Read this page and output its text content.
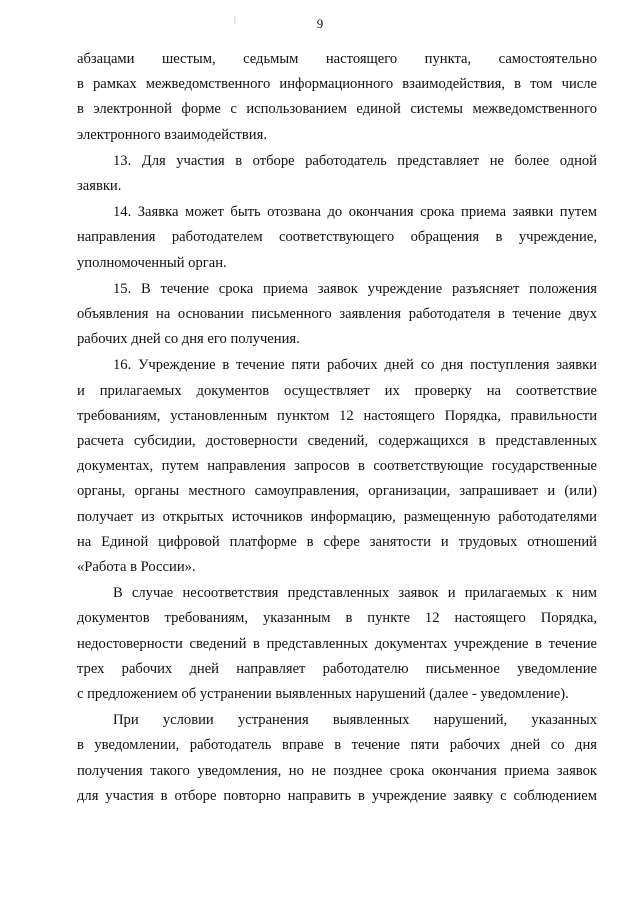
9
|

абзацами шестым, седьмым настоящего пункта, самостоятельно
в рамках межведомственного информационного взаимодействия, в том числе
в электронной форме с использованием единой системы межведомственного
электронного взаимодействия.

13. Для участия в отборе работодатель представляет не более одной
заявки.

14. Заявка может быть отозвана до окончания срока приема заявки путем
направления работодателем соответствующего обращения в учреждение,
уполномоченный орган.

15. В течение срока приема заявок учреждение разъясняет положения
объявления на основании письменного заявления работодателя в течение двух
рабочих дней со дня его получения.

16. Учреждение в течение пяти рабочих дней со дня поступления заявки
и прилагаемых документов осуществляет их проверку на соответствие
требованиям, установленным пунктом 12 настоящего Порядка, правильности
расчета субсидии, достоверности сведений, содержащихся в представленных
документах, путем направления запросов в соответствующие государственные
органы, органы местного самоуправления, организации, запрашивает и (или)
получает из открытых источников информацию, размещенную работодателями
на Единой цифровой платформе в сфере занятости и трудовых отношений
«Работа в России».

В случае несоответствия представленных заявок и прилагаемых к ним
документов требованиям, указанным в пункте 12 настоящего Порядка,
недостоверности сведений в представленных документах учреждение в течение
трех рабочих дней направляет работодателю письменное уведомление
с предложением об устранении выявленных нарушений (далее - уведомление).

При условии устранения выявленных нарушений, указанных
в уведомлении, работодатель вправе в течение пяти рабочих дней со дня
получения такого уведомления, но не позднее срока окончания приема заявок
для участия в отборе повторно направить в учреждение заявку с соблюдением
